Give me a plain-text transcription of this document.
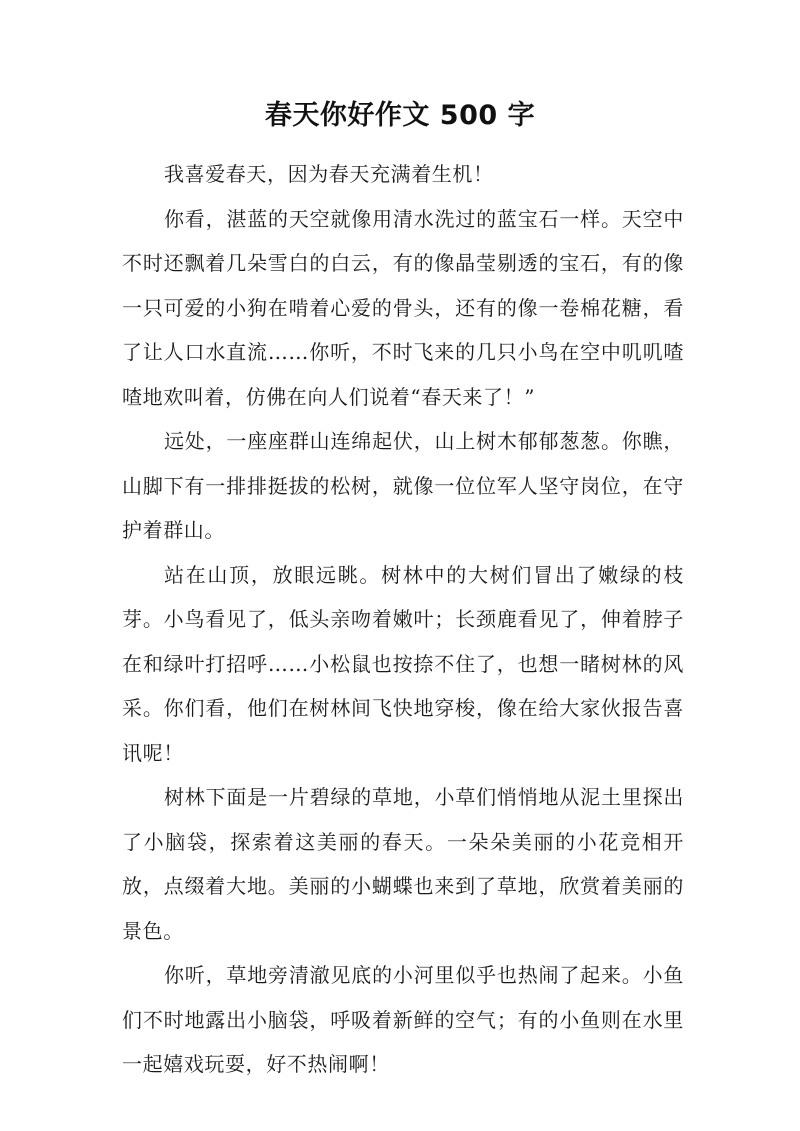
春天你好作文 500 字

我喜爱春天，因为春天充满着生机！

你看，湛蓝的天空就像用清水洗过的蓝宝石一样。天空中不时还飘着几朵雪白的白云，有的像晶莹剔透的宝石，有的像一只可爱的小狗在啃着心爱的骨头，还有的像一卷棉花糖，看了让人口水直流……你听，不时飞来的几只小鸟在空中叽叽喳喳地欢叫着，仿佛在向人们说着“春天来了！”

远处，一座座群山连绵起伏，山上树木郁郁葱葱。你瞧，山脚下有一排排挺拔的松树，就像一位位军人坚守岗位，在守护着群山。

站在山顶，放眼远眺。树林中的大树们冒出了嫩绿的枝芽。小鸟看见了，低头亲吻着嫩叶；长颈鹿看见了，伸着脖子在和绿叶打招呼……小松鼠也按捺不住了，也想一睹树林的风采。你们看，他们在树林间飞快地穿梭，像在给大家伙报告喜讯呢！

树林下面是一片碧绿的草地，小草们悄悄地从泥土里探出了小脑袋，探索着这美丽的春天。一朵朵美丽的小花竞相开放，点缀着大地。美丽的小蝴蝶也来到了草地，欣赏着美丽的景色。

你听，草地旁清澈见底的小河里似乎也热闹了起来。小鱼们不时地露出小脑袋，呼吸着新鲜的空气；有的小鱼则在水里一起嬉戏玩耍，好不热闹啊！
